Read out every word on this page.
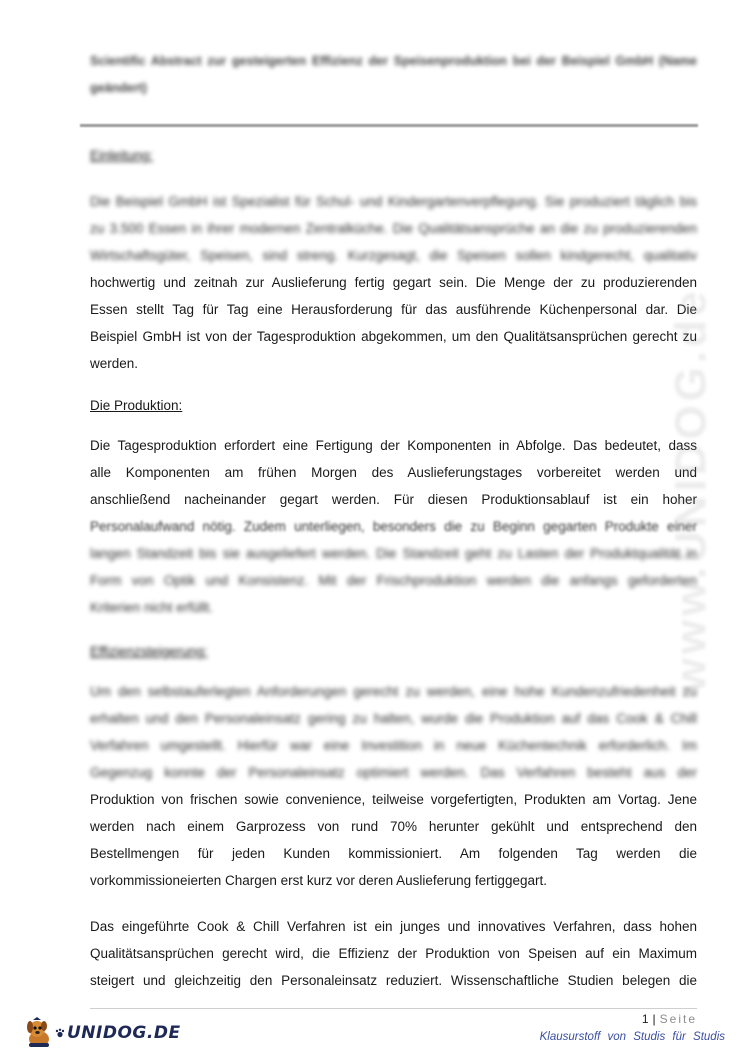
Scientific Abstract zur gesteigerten Effizienz der Speisenproduktion bei der Beispiel GmbH (Name geändert)

Einleitung:

Die Beispiel GmbH ist Spezialist für Schul- und Kindergartenverpflegung. Sie produziert täglich bis
zu 3.500 Essen in ihrer modernen Zentralküche. Die Qualitätsansprüche an die zu produzierenden
Wirtschaftsgüter, Speisen, sind streng. Kurzgesagt, die Speisen sollen kindgerecht, qualitativ
hochwertig und zeitnah zur Auslieferung fertig gegart sein. Die Menge der zu produzierenden
Essen stellt Tag für Tag eine Herausforderung für das ausführende Küchenpersonal dar. Die
Beispiel GmbH ist von der Tagesproduktion abgekommen, um den Qualitätsansprüchen gerecht zu
werden.

Die Produktion:

Die Tagesproduktion erfordert eine Fertigung der Komponenten in Abfolge. Das bedeutet, dass
alle Komponenten am frühen Morgen des Auslieferungstages vorbereitet werden und
anschließend nacheinander gegart werden. Für diesen Produktionsablauf ist ein hoher
Personalaufwand nötig. Zudem unterliegen, besonders die zu Beginn gegarten Produkte einer
langen Standzeit bis sie ausgeliefert werden. Die Standzeit geht zu Lasten der Produktqualität in
Form von Optik und Konsistenz. Mit der Frischproduktion werden die anfangs geforderten
Kriterien nicht erfüllt.

Effizienzsteigerung:

Um den selbstauferlegten Anforderungen gerecht zu werden, eine hohe Kundenzufriedenheit zu
erhalten und den Personaleinsatz gering zu halten, wurde die Produktion auf das Cook & Chill
Verfahren umgestellt. Hierfür war eine Investition in neue Küchentechnik erforderlich. Im
Gegenzug konnte der Personaleinsatz optimiert werden. Das Verfahren besteht aus der
Produktion von frischen sowie convenience, teilweise vorgefertigten, Produkten am Vortag. Jene
werden nach einem Garprozess von rund 70% herunter gekühlt und entsprechend den
Bestellmengen für jeden Kunden kommissioniert. Am folgenden Tag werden die
vorkommissioneierten Chargen erst kurz vor deren Auslieferung fertiggegart.
Das eingeführte Cook & Chill Verfahren ist ein junges und innovatives Verfahren, dass hohen
Qualitätsansprüchen gerecht wird, die Effizienz der Produktion von Speisen auf ein Maximum
steigert und gleichzeitig den Personaleinsatz reduziert. Wissenschaftliche Studien belegen die
www.UNIDOG.de
1 | Seite
UNIDOG.DE	Klausurstoff von Studis für Studis
